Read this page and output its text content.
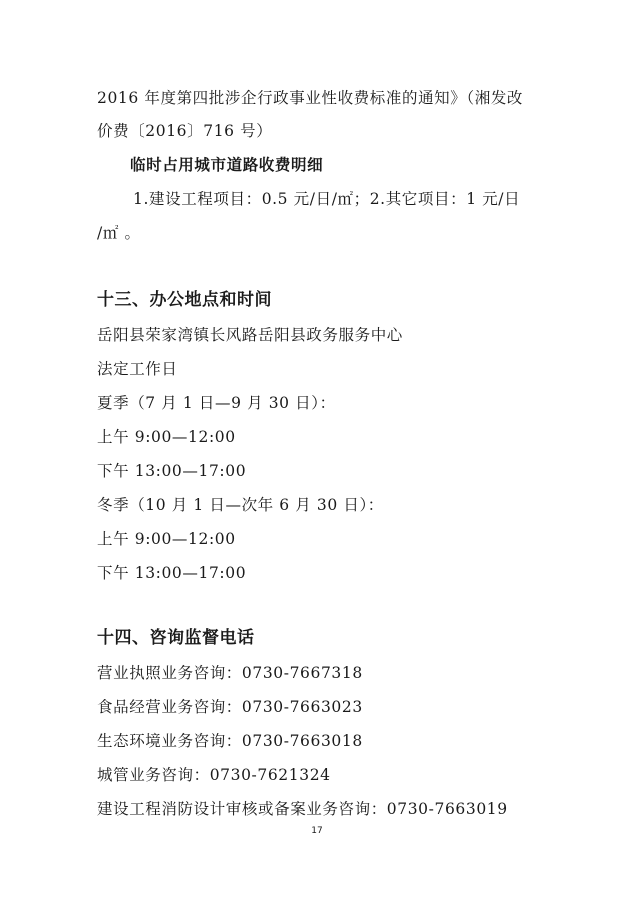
2016 年度第四批涉企行政事业性收费标准的通知》（湘发改
价费〔2016〕716 号）
临时占用城市道路收费明细
1.建设工程项目：0.5 元/日/㎡；2.其它项目：1 元/日
/㎡ 。
十三、办公地点和时间
岳阳县荣家湾镇长风路岳阳县政务服务中心
法定工作日
夏季（7 月 1 日—9 月 30 日）：
上午 9:00—12:00
下午 13:00—17:00
冬季（10 月 1 日—次年 6 月 30 日）：
上午 9:00—12:00
下午 13:00—17:00
十四、咨询监督电话
营业执照业务咨询：0730-7667318
食品经营业务咨询：0730-7663023
生态环境业务咨询：0730-7663018
城管业务咨询：0730-7621324
建设工程消防设计审核或备案业务咨询：0730-7663019
17
